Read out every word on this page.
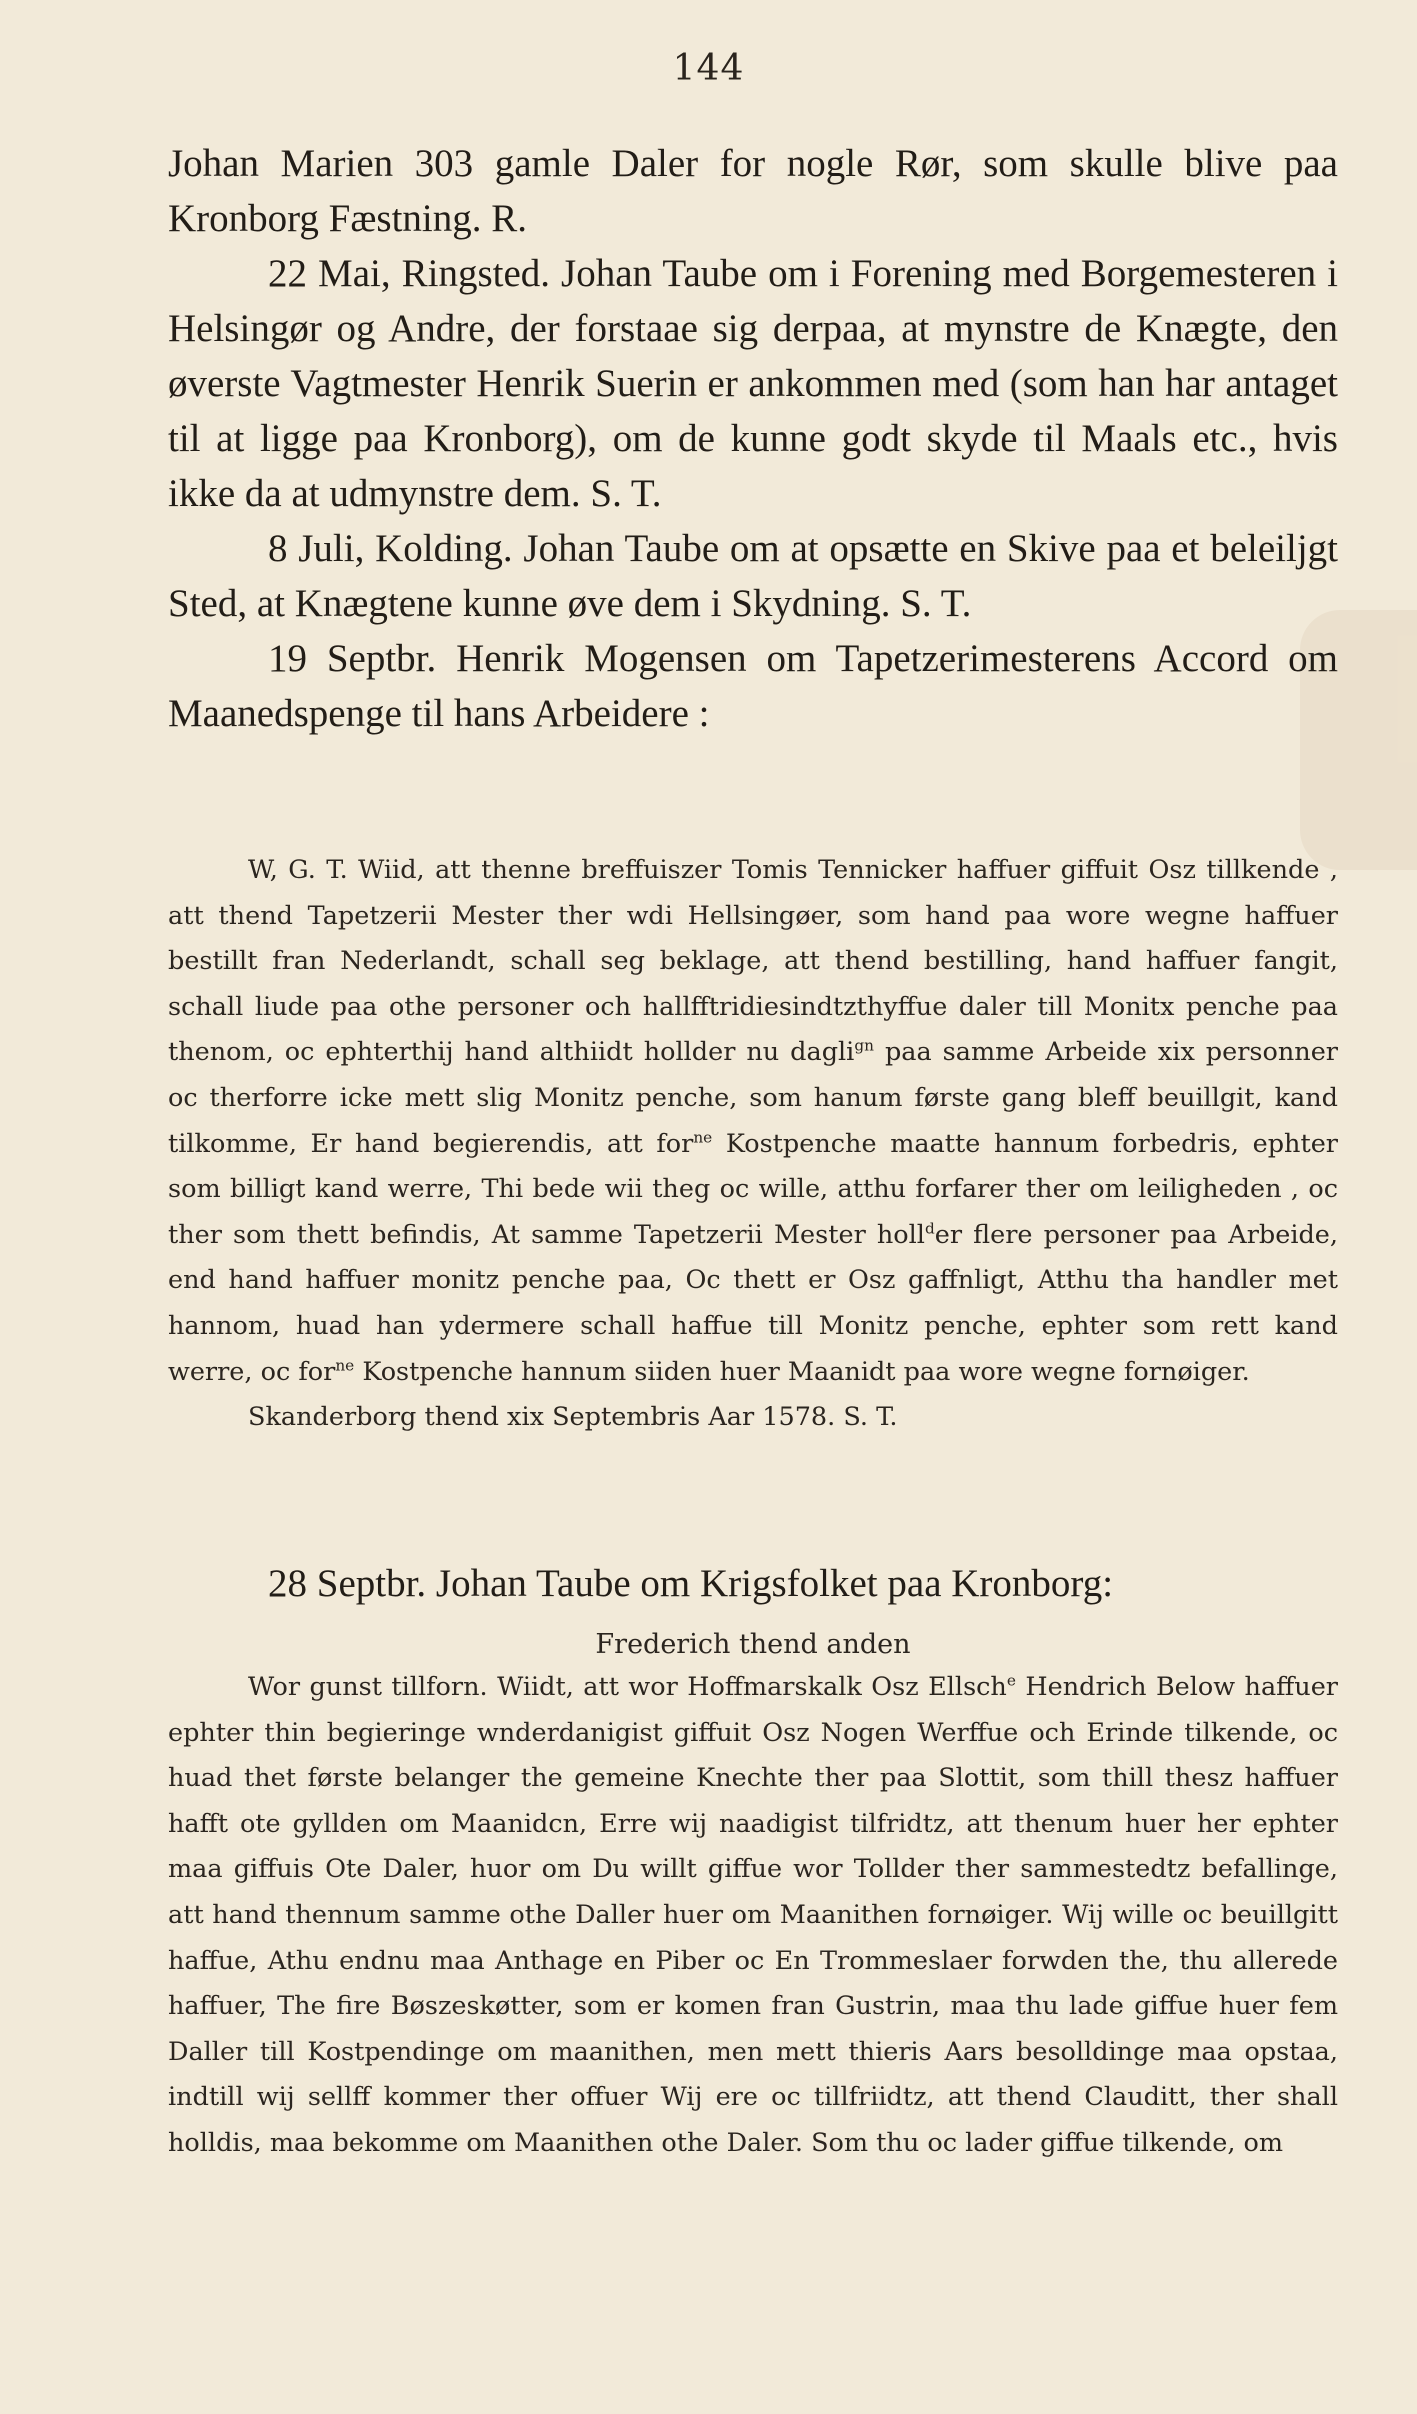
144

Johan Marien 303 gamle Daler for nogle Rør, som skulle blive paa Kronborg Fæstning. R.

22 Mai, Ringsted. Johan Taube om i Forening med Borgemesteren i Helsingør og Andre, der forstaae sig derpaa, at mynstre de Knægte, den øverste Vagtmester Henrik Suerin er ankommen med (som han har antaget til at ligge paa Kronborg), om de kunne godt skyde til Maals etc., hvis ikke da at udmynstre dem. S. T.

8 Juli, Kolding. Johan Taube om at opsætte en Skive paa et beleiljgt Sted, at Knægtene kunne øve dem i Skydning. S. T.

19 Septbr. Henrik Mogensen om Tapetzerimesterens Accord om Maanedspenge til hans Arbeidere :

W, G. T. Wiid, att thenne breffuiszer Tomis Tennicker haffuer giffuit Osz tillkende , att thend Tapetzerii Mester ther wdi Hellsingøer, som hand paa wore wegne haffuer bestillt fran Nederlandt, schall seg beklage, att thend bestilling, hand haffuer fangit, schall liude paa othe personer och hallfftridiesindtzthyffue daler till Monitx penche paa thenom, oc ephterthij hand althiidt hollder nu dagli$^{gn}$ paa samme Arbeide xix personner oc therforre icke mett slig Monitz penche, som hanum første gang bleff beuillgit, kand tilkomme, Er hand begierendis, att for$^{ne}$ Kostpenche maatte hannum forbedris, ephter som billigt kand werre, Thi bede wii theg oc wille, atthu forfarer ther om leiligheden , oc ther som thett befindis, At samme Tapetzerii Mester holl$^d$er flere personer paa Arbeide, end hand haffuer monitz penche paa, Oc thett er Osz gaffnligt, Atthu tha handler met hannom, huad han ydermere schall haffue till Monitz penche, ephter som rett kand werre, oc for$^{ne}$ Kostpenche hannum siiden huer Maanidt paa wore wegne fornøiger.

Skanderborg thend xix Septembris Aar 1578. S. T.

28 Septbr. Johan Taube om Krigsfolket paa Kronborg:
Frederich thend anden

Wor gunst tillforn. Wiidt, att wor Hoffmarskalk Osz Ellsch$^e$ Hendrich Below haffuer ephter thin begieringe wnderdanigist giffuit Osz Nogen Werffue och Erinde tilkende, oc huad thet første belanger the gemeine Knechte ther paa Slottit, som thill thesz haffuer hafft ote gyllden om Maanidcn, Erre wij naadigist tilfridtz, att thenum huer her ephter maa giffuis Ote Daler, huor om Du willt giffue wor Tollder ther sammestedtz befallinge, att hand thennum samme othe Daller huer om Maanithen fornøiger. Wij wille oc beuillgitt haffue, Athu endnu maa Anthage en Piber oc En Trommeslaer forwden the, thu allerede haffuer, The fire Bøszeskøtter, som er komen fran Gustrin, maa thu lade giffue huer fem Daller till Kostpendinge om maanithen, men mett thieris Aars besolldinge maa opstaa, indtill wij sellff kommer ther offuer Wij ere oc tillfriidtz, att thend Clauditt, ther shall holldis, maa bekomme om Maanithen othe Daler. Som thu oc lader giffue tilkende, om
